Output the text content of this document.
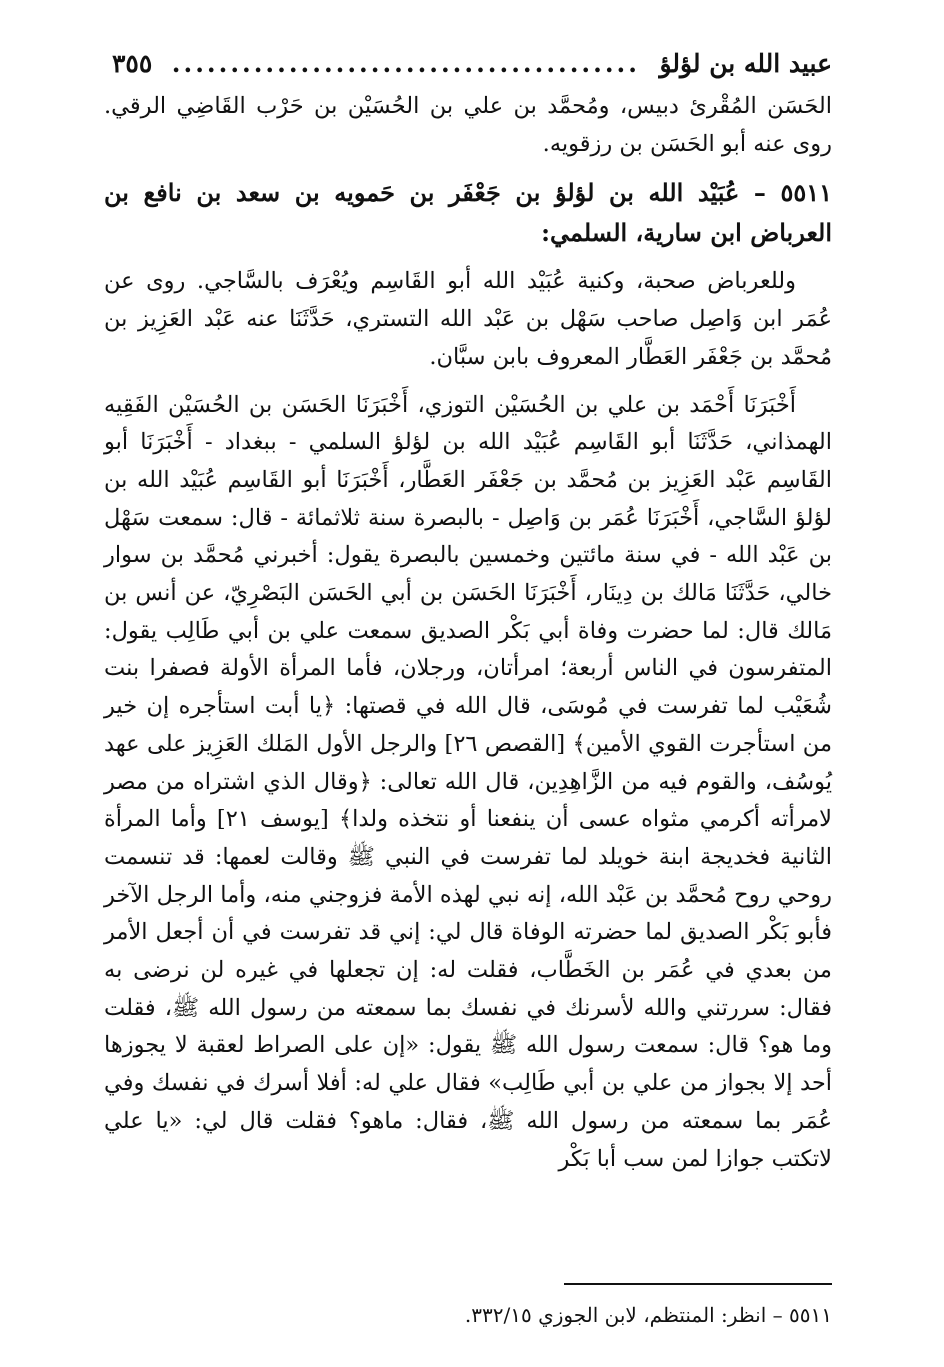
عبيد الله بن لؤلؤ
........................................
٣٥٥

الحَسَن المُقْرئ دبيس، ومُحمَّد بن علي بن الحُسَيْن بن حَرْب القَاضِي الرقي. روى عنه أبو الحَسَن بن رزقويه.

٥٥١١ – عُبَيْد الله بن لؤلؤ بن جَعْفَر بن حَمويه بن سعد بن نافع بن العرباض ابن سارية، السلمي:

وللعرباض صحبة، وكنية عُبَيْد الله أبو القَاسِم ويُعْرَف بالسَّاجي. روى عن عُمَر ابن وَاصِل صاحب سَهْل بن عَبْد الله التستري، حَدَّثَنَا عنه عَبْد العَزِيز بن مُحمَّد بن جَعْفَر العَطَّار المعروف بابن سبَّان.

أَخْبَرَنَا أَحْمَد بن علي بن الحُسَيْن التوزي، أَخْبَرَنَا الحَسَن بن الحُسَيْن الفَقِيه الهمذاني، حَدَّثَنَا أبو القَاسِم عُبَيْد الله بن لؤلؤ السلمي - ببغداد - أَخْبَرَنَا أبو القَاسِم عَبْد العَزِيز بن مُحمَّد بن جَعْفَر العَطَّار، أَخْبَرَنَا أبو القَاسِم عُبَيْد الله بن لؤلؤ السَّاجي، أَخْبَرَنَا عُمَر بن وَاصِل - بالبصرة سنة ثلاثمائة - قال: سمعت سَهْل بن عَبْد الله - في سنة مائتين وخمسين بالبصرة يقول: أخبرني مُحمَّد بن سوار خالي، حَدَّثَنَا مَالك بن دِينَار، أَخْبَرَنَا الحَسَن بن أبي الحَسَن البَصْرِيّ، عن أنس بن مَالك قال: لما حضرت وفاة أبي بَكْر الصديق سمعت علي بن أبي طَالِب يقول: المتفرسون في الناس أربعة؛ امرأتان، ورجلان، فأما المرأة الأولة فصفرا بنت شُعَيْب لما تفرست في مُوسَى، قال الله في قصتها: ﴿يا أبت استأجره إن خير من استأجرت القوي الأمين﴾ [القصص ٢٦] والرجل الأول المَلك العَزِيز على عهد يُوسُف، والقوم فيه من الزَّاهِدِين، قال الله تعالى: ﴿وقال الذي اشتراه من مصر لامرأته أكرمي مثواه عسى أن ينفعنا أو نتخذه ولدا﴾ [يوسف ٢١] وأما المرأة الثانية فخديجة ابنة خويلد لما تفرست في النبي ﷺ وقالت لعمها: قد تنسمت روحي روح مُحمَّد بن عَبْد الله، إنه نبي لهذه الأمة فزوجني منه، وأما الرجل الآخر فأبو بَكْر الصديق لما حضرته الوفاة قال لي: إني قد تفرست في أن أجعل الأمر من بعدي في عُمَر بن الخَطَّاب، فقلت له: إن تجعلها في غيره لن نرضى به فقال: سررتني والله لأسرنك في نفسك بما سمعته من رسول الله ﷺ، فقلت وما هو؟ قال: سمعت رسول الله ﷺ يقول: «إن على الصراط لعقبة لا يجوزها أحد إلا بجواز من علي بن أبي طَالِب» فقال علي له: أفلا أسرك في نفسك وفي عُمَر بما سمعته من رسول الله ﷺ، فقال: ماهو؟ فقلت قال لي: «يا علي لاتكتب جوازا لمن سب أبا بَكْر

٥٥١١ – انظر: المنتظم، لابن الجوزي ٣٣٢/١٥.
